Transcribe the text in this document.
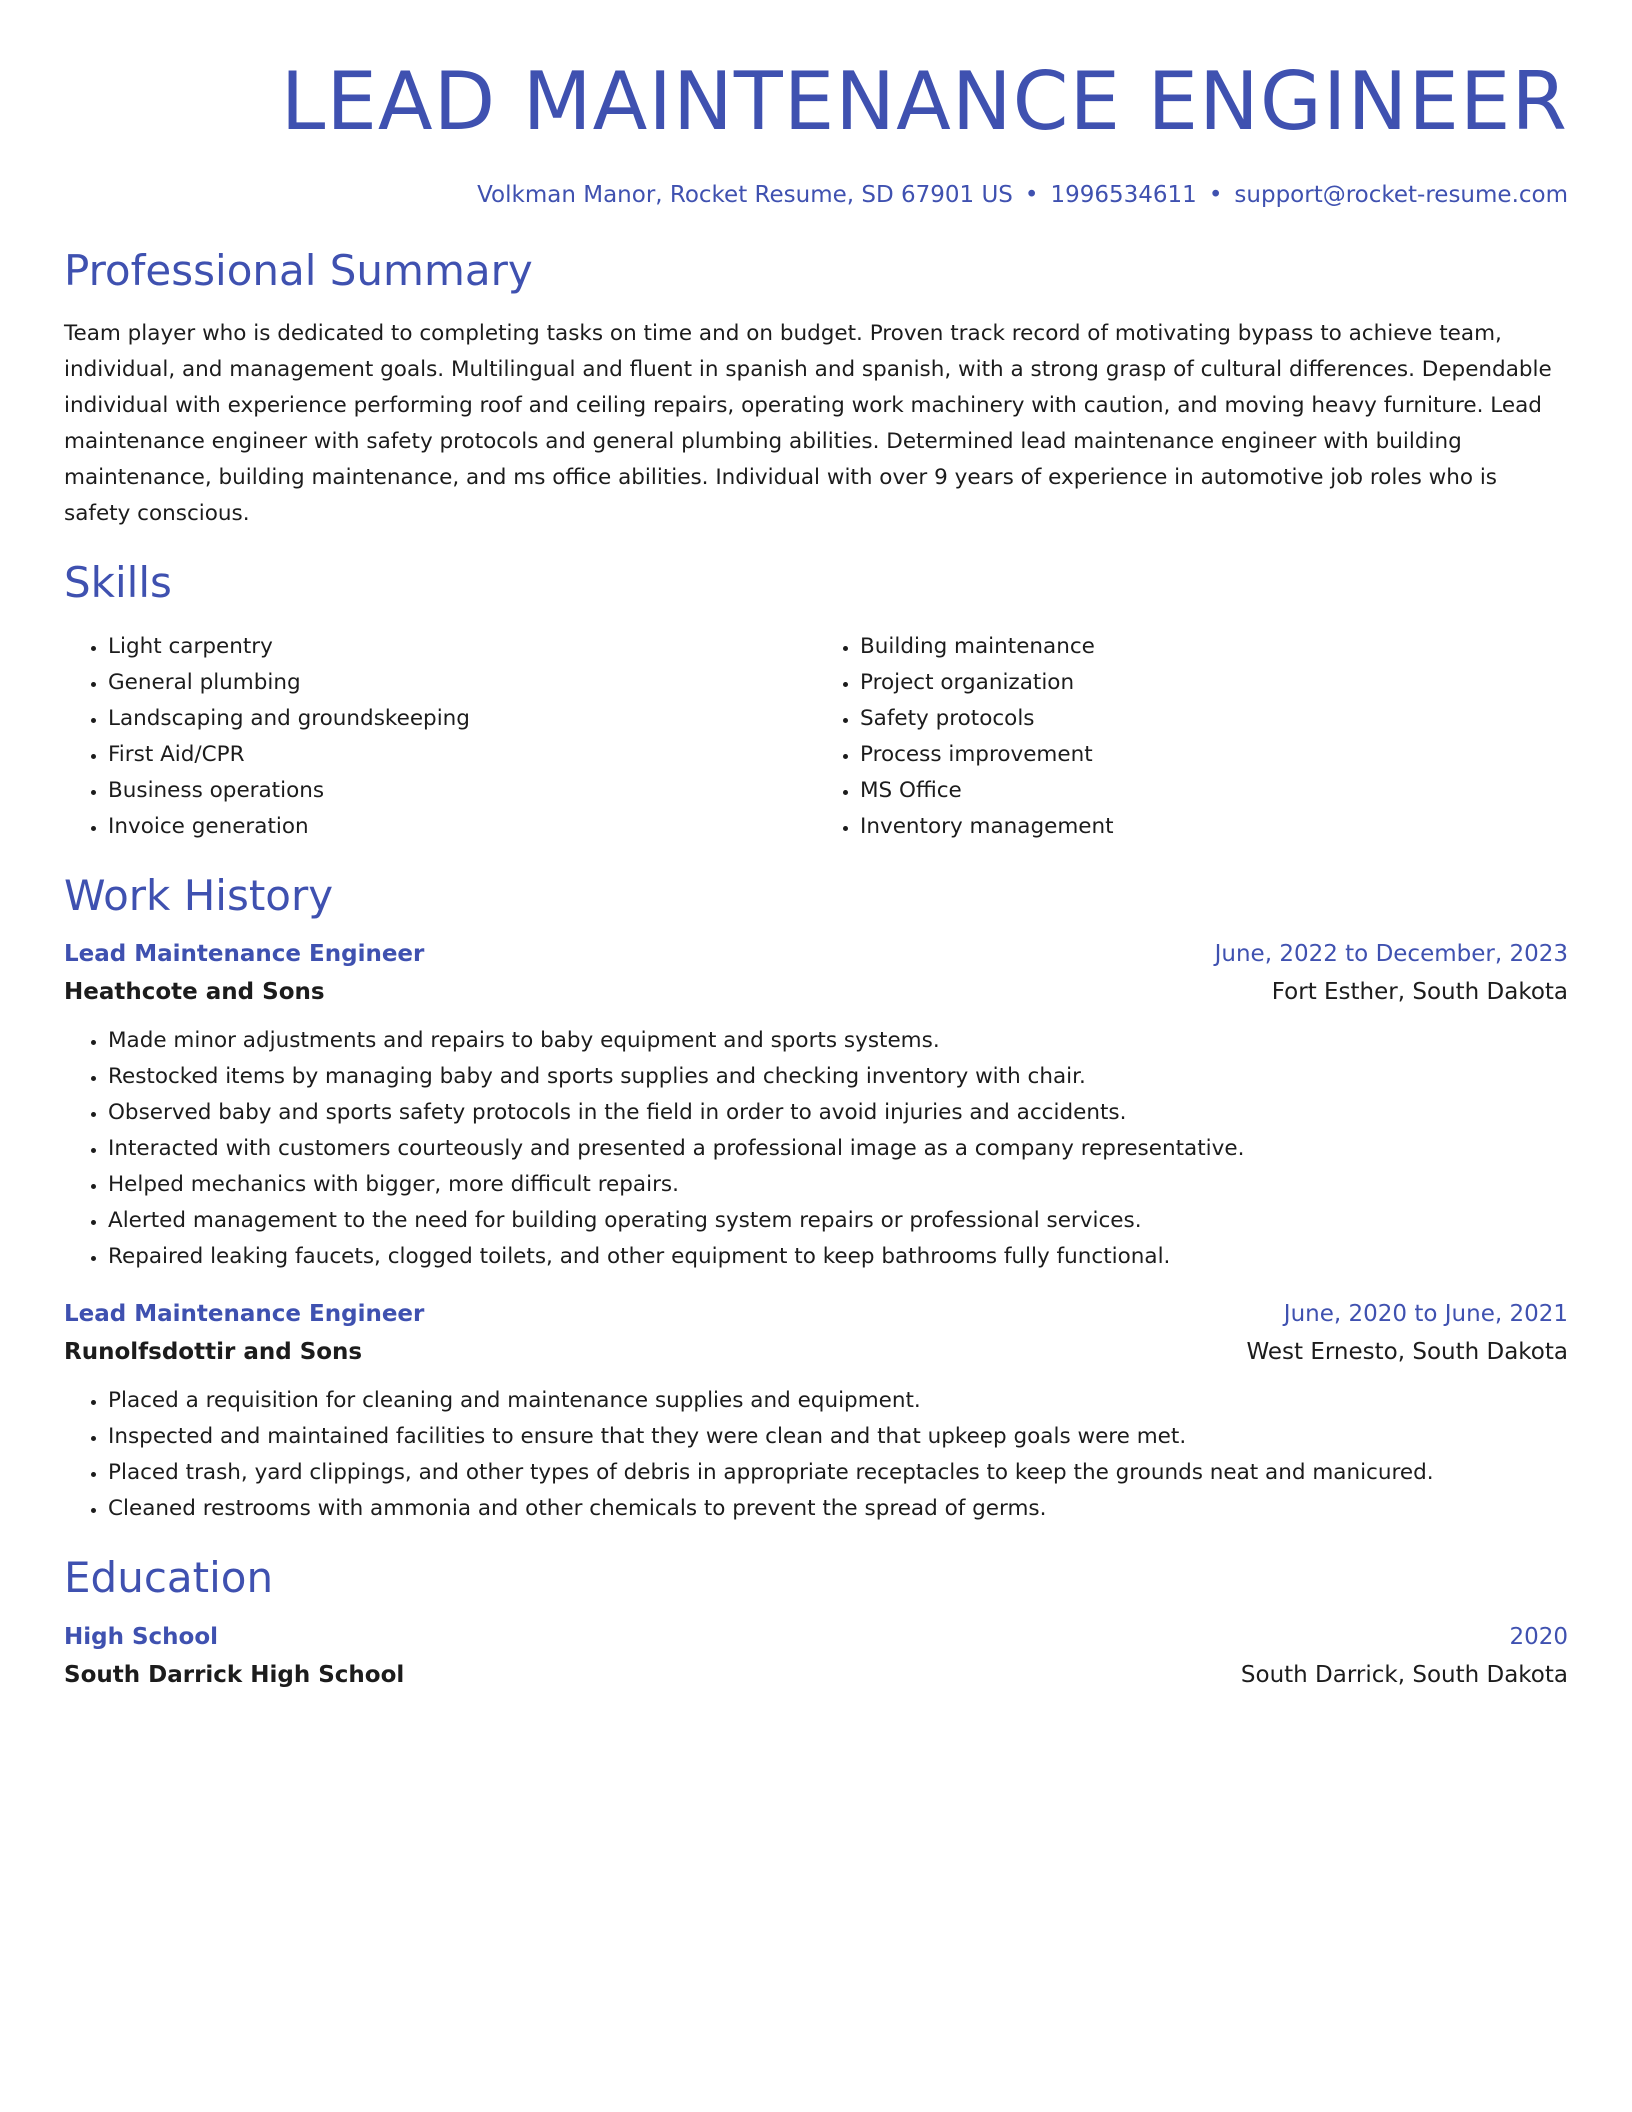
LEAD MAINTENANCE ENGINEER
Volkman Manor, Rocket Resume, SD 67901 US • 1996534611 • support@rocket-resume.com
Professional Summary
Team player who is dedicated to completing tasks on time and on budget. Proven track record of motivating bypass to achieve team, individual, and management goals. Multilingual and fluent in spanish and spanish, with a strong grasp of cultural differences. Dependable individual with experience performing roof and ceiling repairs, operating work machinery with caution, and moving heavy furniture. Lead maintenance engineer with safety protocols and general plumbing abilities. Determined lead maintenance engineer with building maintenance, building maintenance, and ms office abilities. Individual with over 9 years of experience in automotive job roles who is safety conscious.
Skills
• Light carpentry
• General plumbing
• Landscaping and groundskeeping
• First Aid/CPR
• Business operations
• Invoice generation
• Building maintenance
• Project organization
• Safety protocols
• Process improvement
• MS Office
• Inventory management
Work History
Lead Maintenance Engineer	June, 2022 to December, 2023
Heathcote and Sons	Fort Esther, South Dakota
• Made minor adjustments and repairs to baby equipment and sports systems.
• Restocked items by managing baby and sports supplies and checking inventory with chair.
• Observed baby and sports safety protocols in the field in order to avoid injuries and accidents.
• Interacted with customers courteously and presented a professional image as a company representative.
• Helped mechanics with bigger, more difficult repairs.
• Alerted management to the need for building operating system repairs or professional services.
• Repaired leaking faucets, clogged toilets, and other equipment to keep bathrooms fully functional.
Lead Maintenance Engineer	June, 2020 to June, 2021
Runolfsdottir and Sons	West Ernesto, South Dakota
• Placed a requisition for cleaning and maintenance supplies and equipment.
• Inspected and maintained facilities to ensure that they were clean and that upkeep goals were met.
• Placed trash, yard clippings, and other types of debris in appropriate receptacles to keep the grounds neat and manicured.
• Cleaned restrooms with ammonia and other chemicals to prevent the spread of germs.
Education
High School	2020
South Darrick High School	South Darrick, South Dakota
